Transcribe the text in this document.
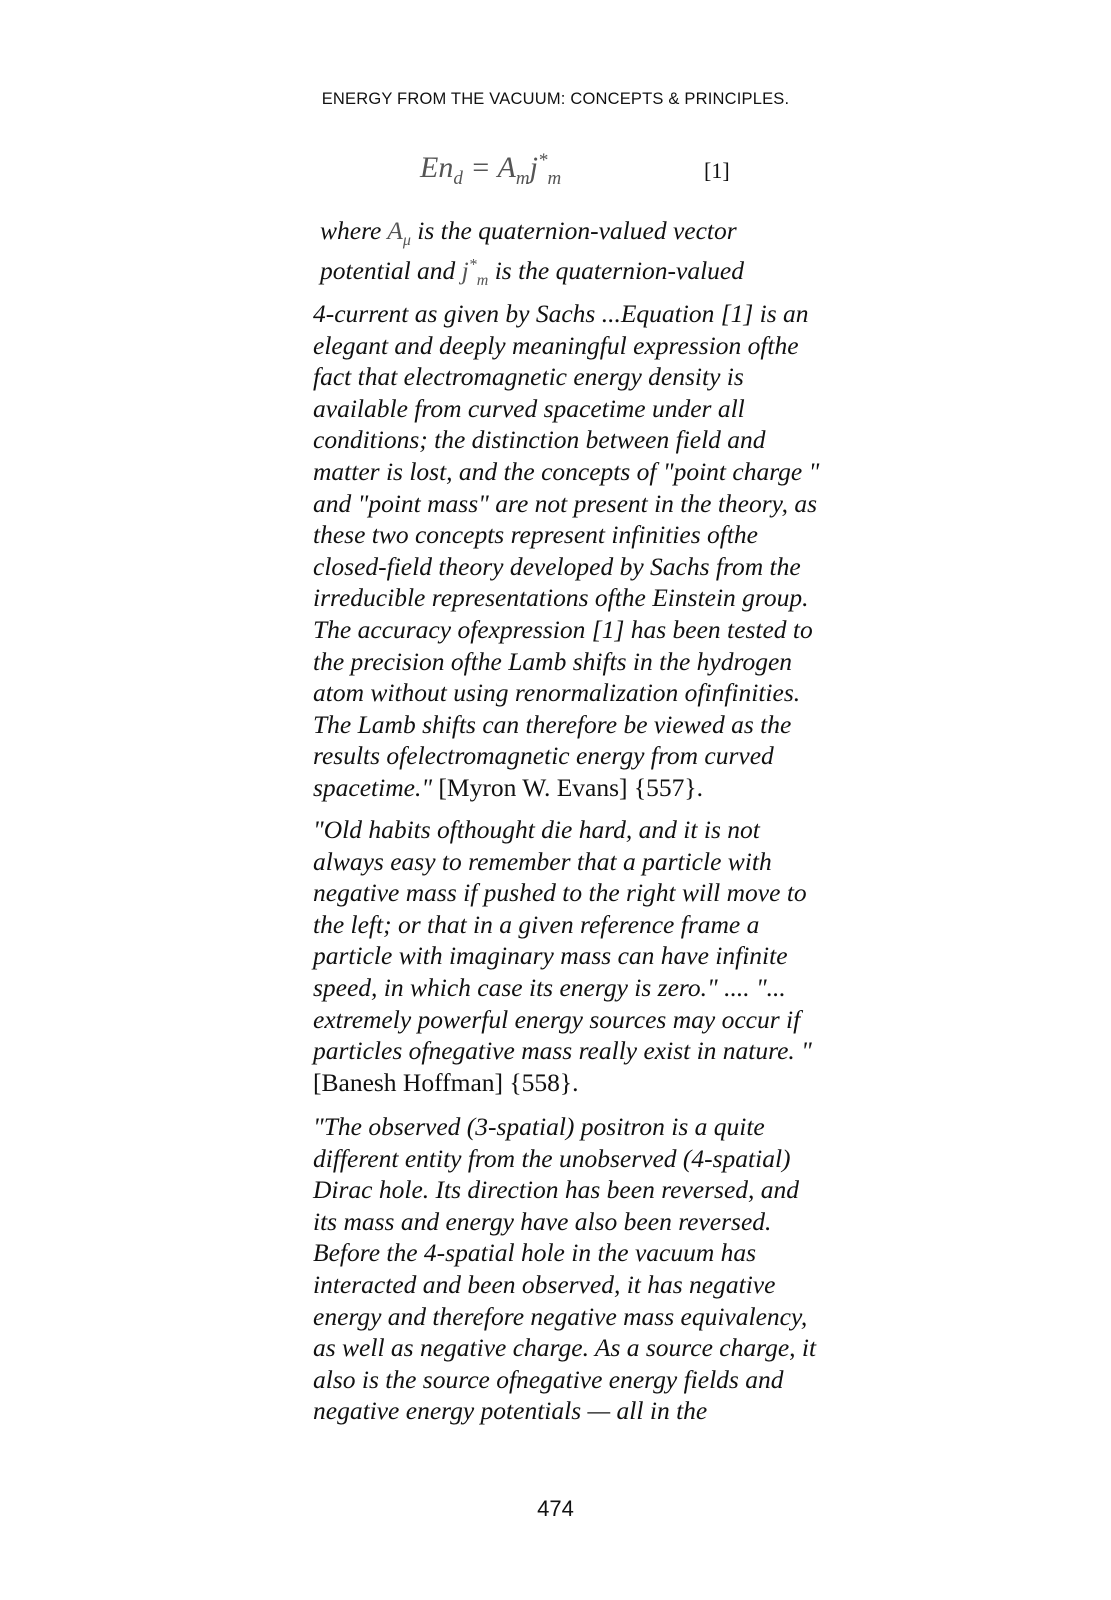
ENERGY FROM THE VACUUM: CONCEPTS & PRINCIPLES.
$En_d = A_mj^*_m$	[1]
where $A_\mu$ is the quaternion-valued vector
potential and $j^*_m$ is the quaternion-valued
4-current as given by Sachs ...Equation [1] is an
elegant and deeply meaningful expression ofthe
fact that electromagnetic energy density is
available from curved spacetime under all
conditions; the distinction between field and
matter is lost, and the concepts of "point charge "
and "point mass" are not present in the theory, as
these two concepts represent infinities ofthe
closed-field theory developed by Sachs from the
irreducible representations ofthe Einstein group.
The accuracy ofexpression [1] has been tested to
the precision ofthe Lamb shifts in the hydrogen
atom without using renormalization ofinfinities.
The Lamb shifts can therefore be viewed as the
results ofelectromagnetic energy from curved
spacetime." [Myron W. Evans] {557}.
"Old habits ofthought die hard, and it is not
always easy to remember that a particle with
negative mass if pushed to the right will move to
the left; or that in a given reference frame a
particle with imaginary mass can have infinite
speed, in which case its energy is zero." .... "...
extremely powerful energy sources may occur if
particles ofnegative mass really exist in nature. "
[Banesh Hoffman] {558}.
"The observed (3-spatial) positron is a quite
different entity from the unobserved (4-spatial)
Dirac hole. Its direction has been reversed, and
its mass and energy have also been reversed.
Before the 4-spatial hole in the vacuum has
interacted and been observed, it has negative
energy and therefore negative mass equivalency,
as well as negative charge. As a source charge, it
also is the source ofnegative energy fields and
negative energy potentials — all in the
474
